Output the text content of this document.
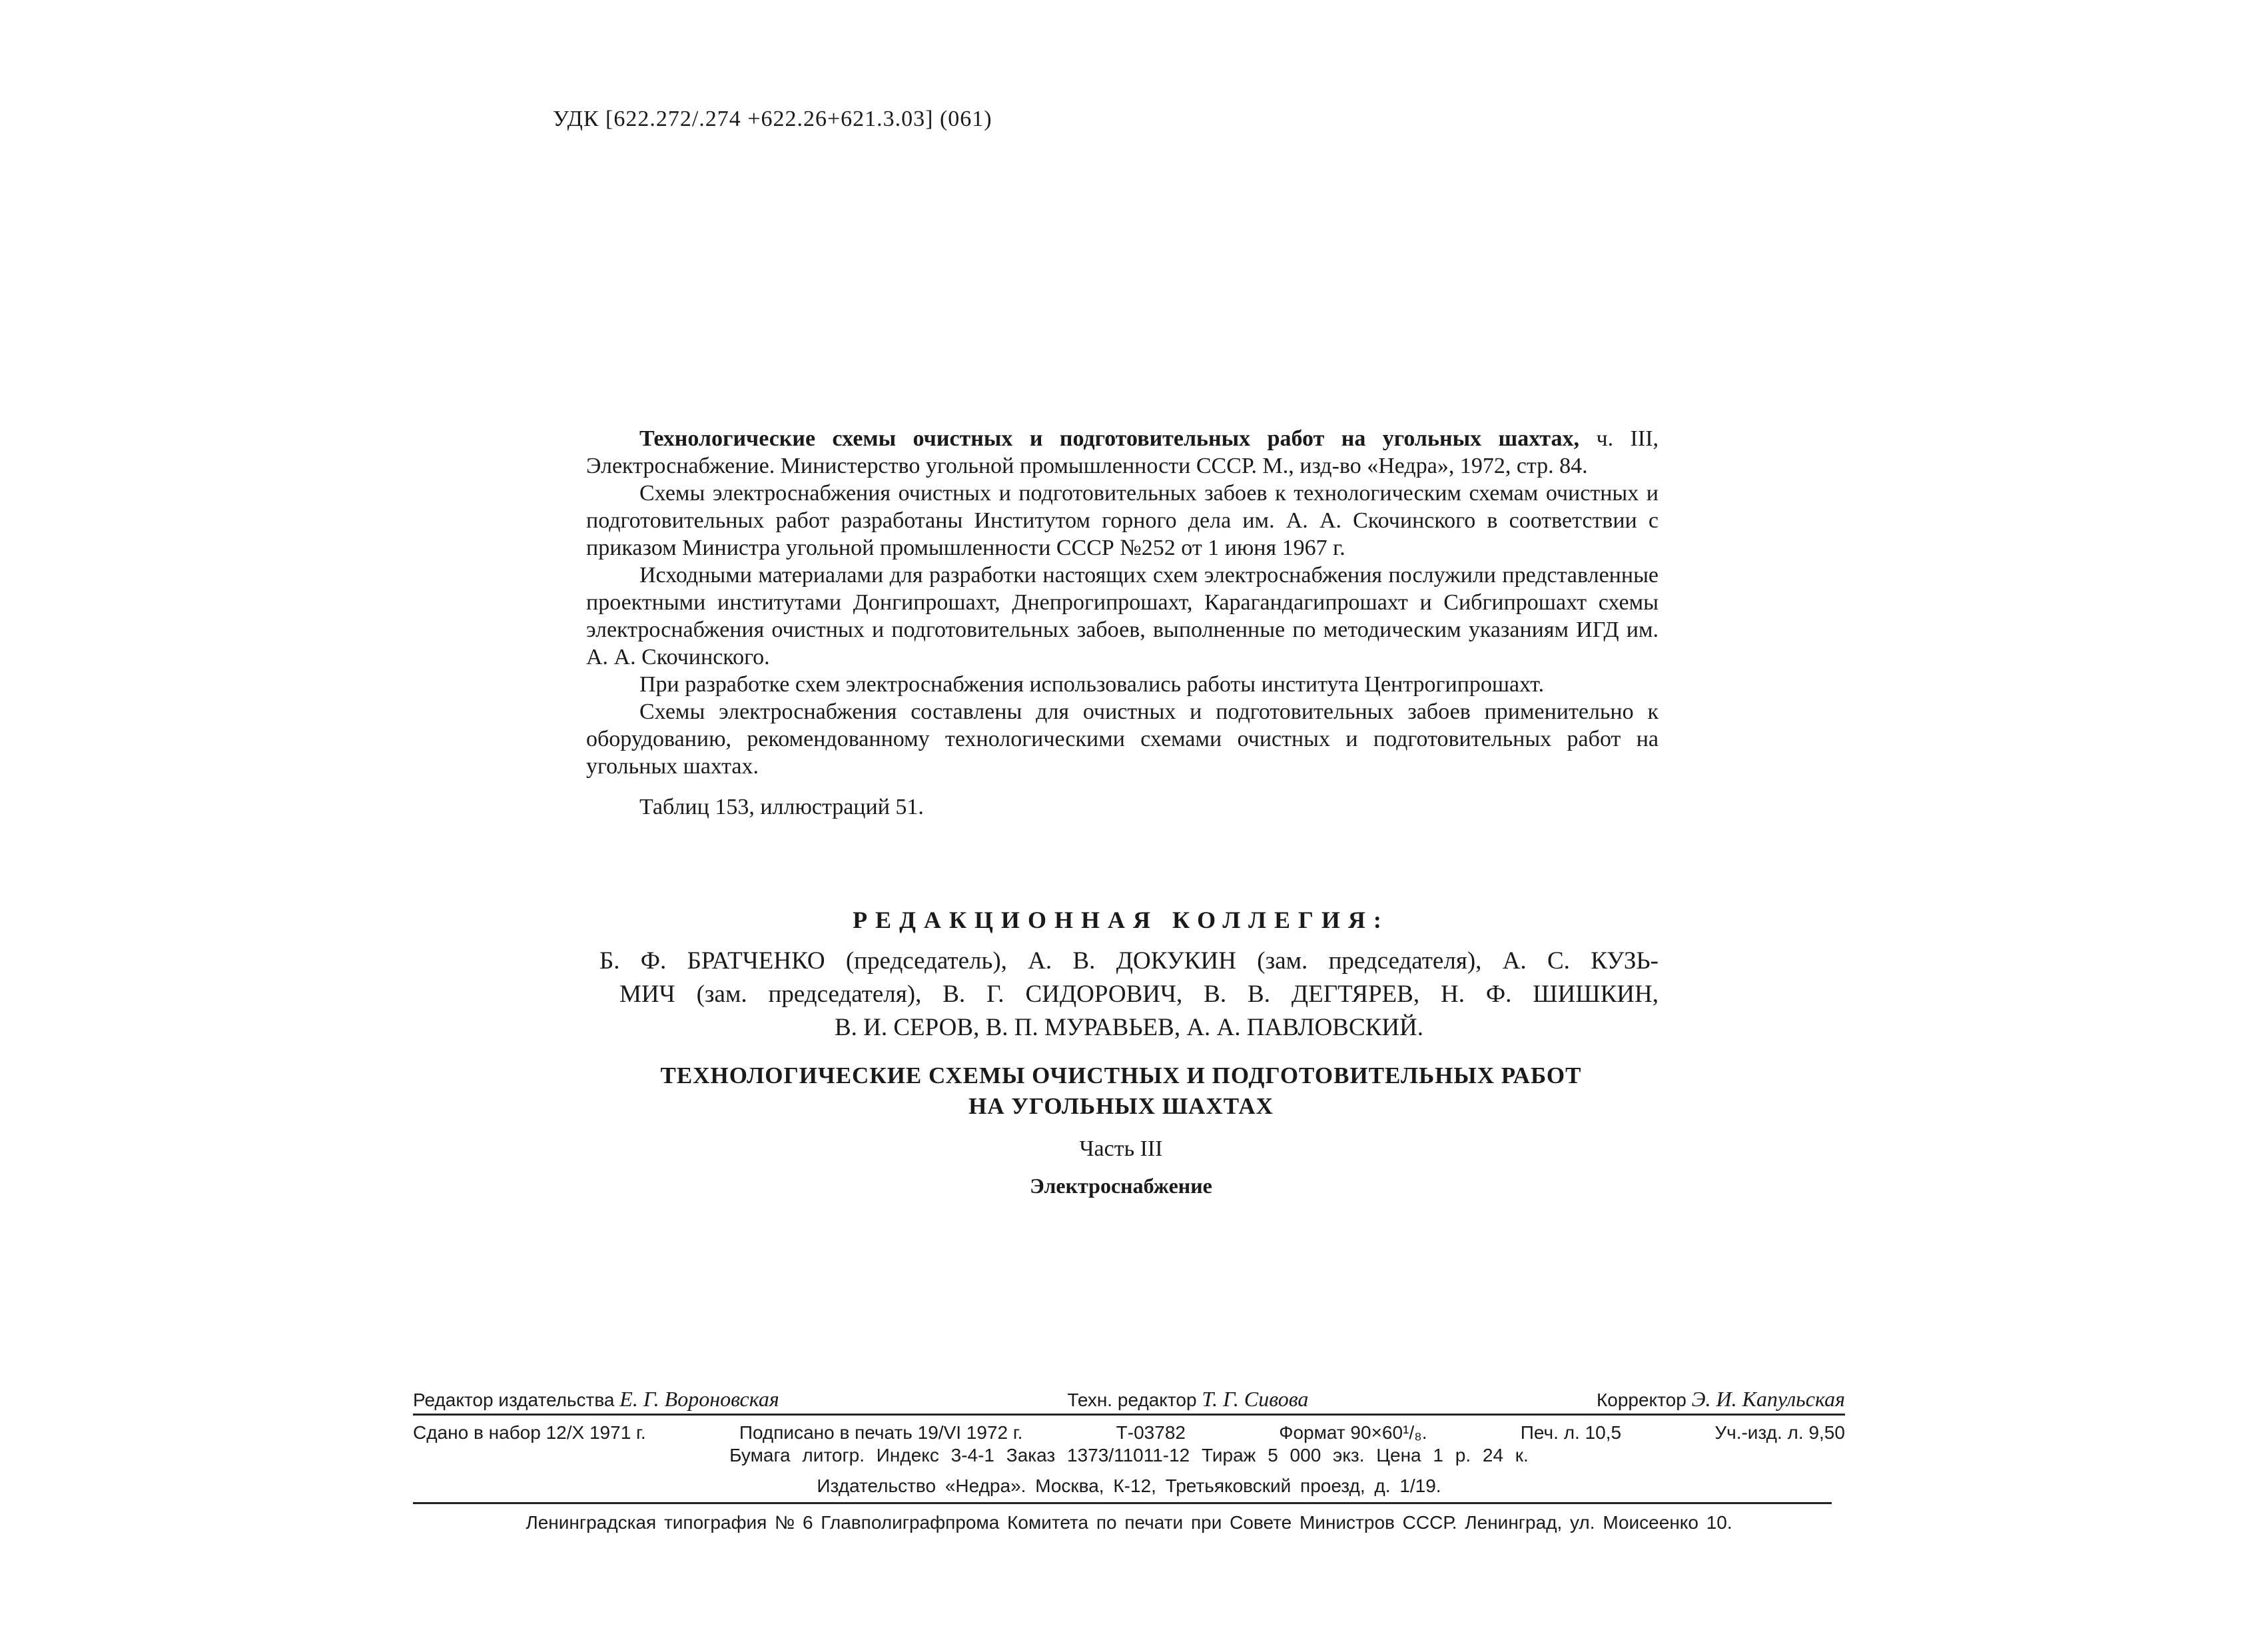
УДК [622.272/.274 +622.26+621.3.03] (061)

Технологические схемы очистных и подготовительных работ на угольных шахтах, ч. III, Электроснабжение. Министерство угольной промышленности СССР. М., изд-во «Недра», 1972, стр. 84.

Схемы электроснабжения очистных и подготовительных забоев к технологическим схемам очистных и подготовительных работ разработаны Институтом горного дела им. А. А. Скочинского в соответствии с приказом Министра угольной промышленности СССР №252 от 1 июня 1967 г.

Исходными материалами для разработки настоящих схем электроснабжения послужили представленные проектными институтами Донгипрошахт, Днепрогипрошахт, Карагандагипрошахт и Сибгипрошахт схемы электроснабжения очистных и подготовительных забоев, выполненные по методическим указаниям ИГД им. А. А. Скочинского.

При разработке схем электроснабжения использовались работы института Центрогипрошахт.

Схемы электроснабжения составлены для очистных и подготовительных забоев применительно к оборудованию, рекомендованному технологическими схемами очистных и подготовительных работ на угольных шахтах.

Таблиц 153, иллюстраций 51.

РЕДАКЦИОННАЯ КОЛЛЕГИЯ:
Б. Ф. БРАТЧЕНКО (председатель), А. В. ДОКУКИН (зам. председателя), А. С. КУЗЬ-
МИЧ (зам. председателя), В. Г. СИДОРОВИЧ, В. В. ДЕГТЯРЕВ, Н. Ф. ШИШКИН,
В. И. СЕРОВ, В. П. МУРАВЬЕВ, А. А. ПАВЛОВСКИЙ.
ТЕХНОЛОГИЧЕСКИЕ СХЕМЫ ОЧИСТНЫХ И ПОДГОТОВИТЕЛЬНЫХ РАБОТ
НА УГОЛЬНЫХ ШАХТАХ
Часть III
Электроснабжение
Редактор издательства Е. Г. Вороновская	Техн. редактор Т. Г. Сивова	Корректор Э. И. Капульская
Сдано в набор 12/X 1971 г.	Подписано в печать 19/VI 1972 г.	Т-03782	Формат 90×60¹/₈.	Печ. л. 10,5	Уч.-изд. л. 9,50
Бумага литогр. Индекс 3-4-1 Заказ 1373/11011-12 Тираж 5 000 экз. Цена 1 р. 24 к.
Издательство «Недра». Москва, К-12, Третьяковский проезд, д. 1/19.
Ленинградская типография № 6 Главполиграфпрома Комитета по печати при Совете Министров СССР. Ленинград, ул. Моисеенко 10.
